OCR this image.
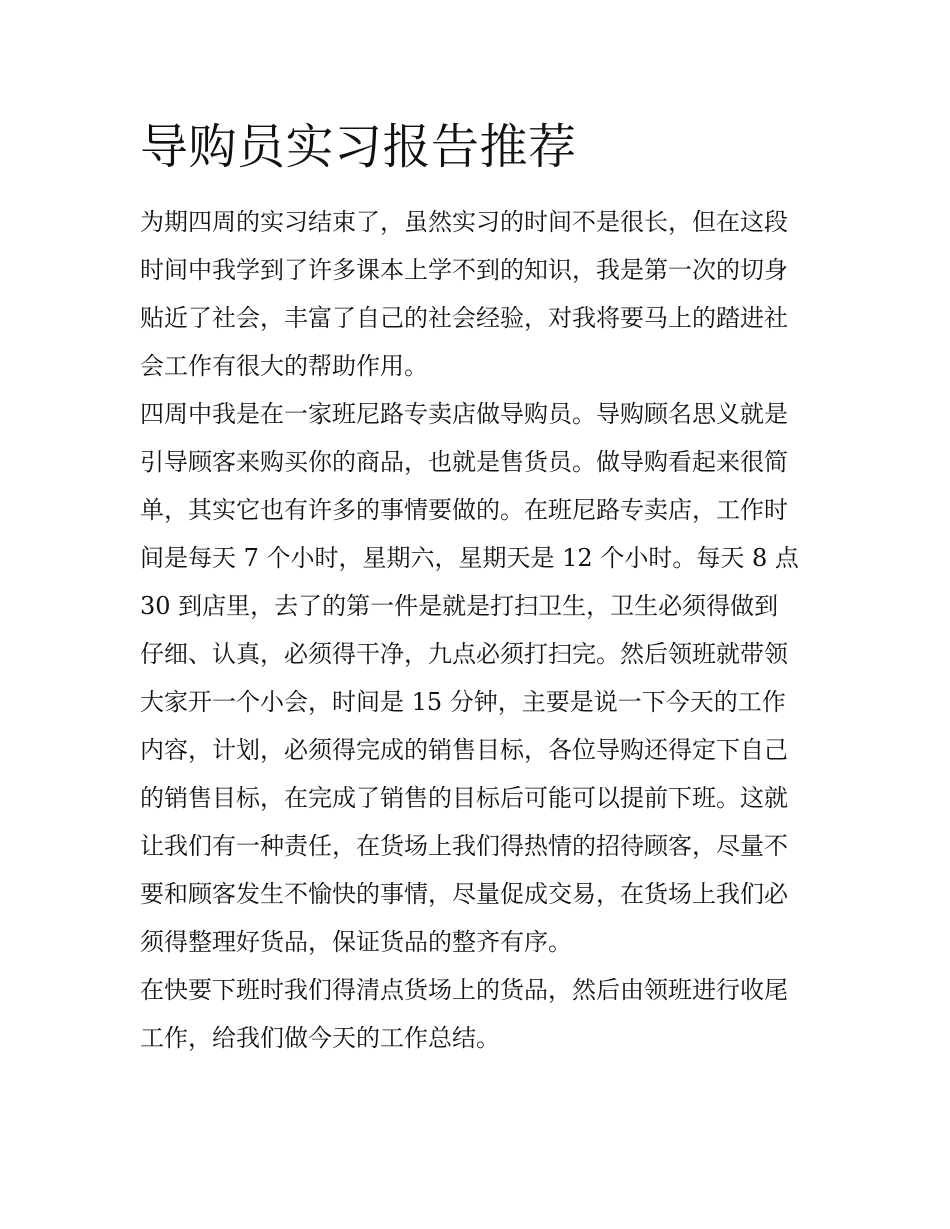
导购员实习报告推荐
为期四周的实习结束了，虽然实习的时间不是很长，但在这段
时间中我学到了许多课本上学不到的知识，我是第一次的切身
贴近了社会，丰富了自己的社会经验，对我将要马上的踏进社
会工作有很大的帮助作用。
四周中我是在一家班尼路专卖店做导购员。导购顾名思义就是
引导顾客来购买你的商品，也就是售货员。做导购看起来很简
单，其实它也有许多的事情要做的。在班尼路专卖店，工作时
间是每天 7 个小时，星期六，星期天是 12 个小时。每天 8 点
30 到店里，去了的第一件是就是打扫卫生，卫生必须得做到
仔细、认真，必须得干净，九点必须打扫完。然后领班就带领
大家开一个小会，时间是 15 分钟，主要是说一下今天的工作
内容，计划，必须得完成的销售目标，各位导购还得定下自己
的销售目标，在完成了销售的目标后可能可以提前下班。这就
让我们有一种责任，在货场上我们得热情的招待顾客，尽量不
要和顾客发生不愉快的事情，尽量促成交易，在货场上我们必
须得整理好货品，保证货品的整齐有序。
在快要下班时我们得清点货场上的货品，然后由领班进行收尾
工作，给我们做今天的工作总结。
